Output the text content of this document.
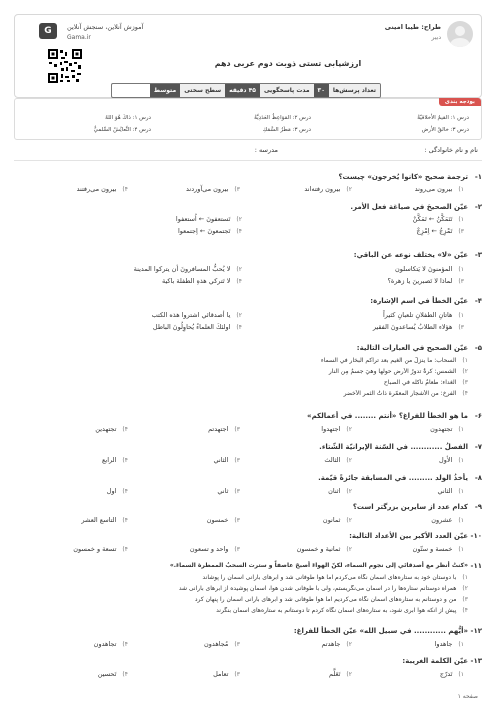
طراح: طیبا امینی
دبیر
آموزش آنلاین، سنجش آنلاین
Gama.ir
G
ارزشیابی تستی ذوبت دوم عربی دهم
تعداد پرسش‌ها
۳۰
مدت پاسخگویی
۴۵ دقیقه
سطح سختی
متوسط
بودجه بندی
درس ۱: القيمُ الأخلاقيّةُ
درس ۲: المَوَاعِظُ العَدَدِيَّةُ
درس ۱: ذاكَ هُوَ اللهُ
درس ۳: خالقُ الأرض
درس ۳: مَطَرُ السَّمَكِ
درس ۴: التَّعايُشُ السِّلميُّ
نام و نام خانوادگی :
مدرسه :
۱-
ترجمة صحيح «كانوا يُخرجون» چيست؟
۱)بيرون مى‌روند
۲)بيرون رفته‌اند
۳)بيرون مى‌آوردند
۴)بيرون مى‌رفتند
۲-
عيّن الصحيحَ في صياغة فعل الأمر.
۱)تَتَمَكَّنُ ← تَمَكَّنْ
۲)تَستعفونَ ← اُستعفوا
۳)تَمْزِجُ ← اِمْزِجْ
۴)تَجتمعونَ ← اِجتمعوا
۳-
عيّن «لا» يختلف نوعه عن الباقي:
۱)المؤمنونَ لا يَتكاسلون
۲)لا يُحبُّ المسافرونَ أن يتركوا المدينة
۳)لماذا لا تَصبرينَ يا زهرة؟
۴)لا تَتركي هذهِ الطفلة باكية
۴-
عيّن الخطأ في اسم الإشارة:
۱)هاتانِ الطفلانِ تلعبانِ كثيراً
۲)يا أصدقائي اشتروا هذه الكتب
۳)هؤلاء الطلابُ يُساعدونَ الفقير
۴)اولئكَ العلماءُ يُحاوِلُونَ الباطل
۵-
عيّن الصحيح في العبارات التالية:
۱)السحاب: ما ينزلُ من الغيم بعد تراكم البخار في السماء
۲)الشمس: كرةٌ تدورُ الأرض حولها وهيَ جسمٌ مِن النار
۳)الغداء: طعامٌ نأكله في الصباح
۴)الفرخ: من الأشجار المعمّرة ذاتُ الثمر الأخضر
۶-
ما هو الخطأ للفراغ؟ «أنتم ........ في أعمالكم»
۱)تجتهدون
۲)اجتهدوا
۳)اجتهدتم
۴)تجتهدين
۷-
الفصلُ ............ في السّنة الإيرانيّة الشّتاء.
۱)الأول
۲)الثالث
۳)الثاني
۴)الرابع
۸-
يأخذُ الولد ......... في المسابقة جائزةً قيّمة.
۱)الثاني
۲)اثنان
۳)ثاني
۴)اول
۹-
كدام عدد از سايرين بزرگتر است؟
۱)عشرون
۲)ثمانون
۳)خمسون
۴)التاسع العشر
۱۰-
عيّن العدد الأكبر بين الأعداد التالية:
۱)خمسة و ستّون
۲)ثمانية و خمسون
۳)واحد و تسعون
۴)تسعة و خمسون
۱۱-
«كنتُ أنظر مع أصدقائي إلى نجوم السماء، لكنّ الهواءَ أصبحَ عاصفاً و سترت السحبُ الممطرة السماءَ.»
۱)با دوستان خود به ستاره‌های آسمان نگاه می‌کردم اما هوا طوفانی شد و ابرهای بارانی آسمان را پوشاند
۲)همراه دوستانم ستاره‌ها را در آسمان می‌نگریستم، ولی با طوفانی شدن هوا، آسمان پوشیده از ابرهای بارانی شد
۳)من و دوستانم به ستاره‌های آسمان نگاه می‌کردیم اما هوا طوفانی شد و ابرهای بارانی آسمان را پنهان کرد
۴)پیش از آنکه هوا ابری شود، به ستاره‌های آسمان نگاه کردم تا دوستانم به ستاره‌های آسمان بنگرند
۱۲-
«أيُّهم ............ في سبيل الله» عيّن الخطأ للفراغ:
۱)جاهدوا
۲)جاهدتم
۳)مُجاهدون
۴)تجاهدون
۱۳-
عيّن الكلمة الغريبة:
۱)تَدرّج
۲)تَعَلَّم
۳)تعامل
۴)تَحسين
صفحه ۱
